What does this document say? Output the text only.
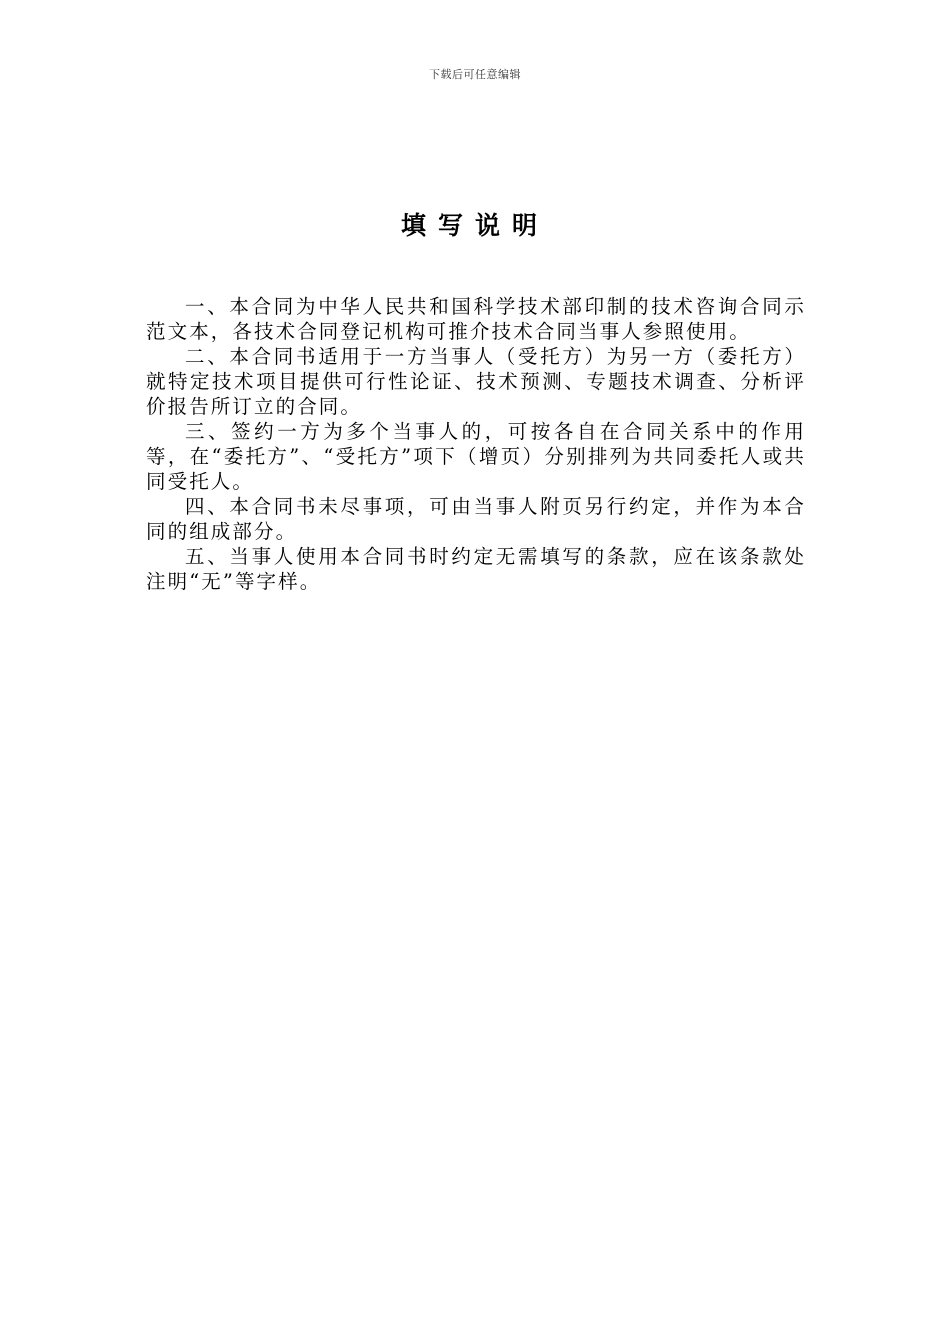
下载后可任意编辑
填写说明

一、本合同为中华人民共和国科学技术部印制的技术咨询合同示范文本，各技术合同登记机构可推介技术合同当事人参照使用。

二、本合同书适用于一方当事人（受托方）为另一方（委托方）就特定技术项目提供可行性论证、技术预测、专题技术调查、分析评价报告所订立的合同。

三、签约一方为多个当事人的，可按各自在合同关系中的作用等，在“委托方”、“受托方”项下（增页）分别排列为共同委托人或共同受托人。

四、本合同书未尽事项，可由当事人附页另行约定，并作为本合同的组成部分。

五、当事人使用本合同书时约定无需填写的条款，应在该条款处注明“无”等字样。
